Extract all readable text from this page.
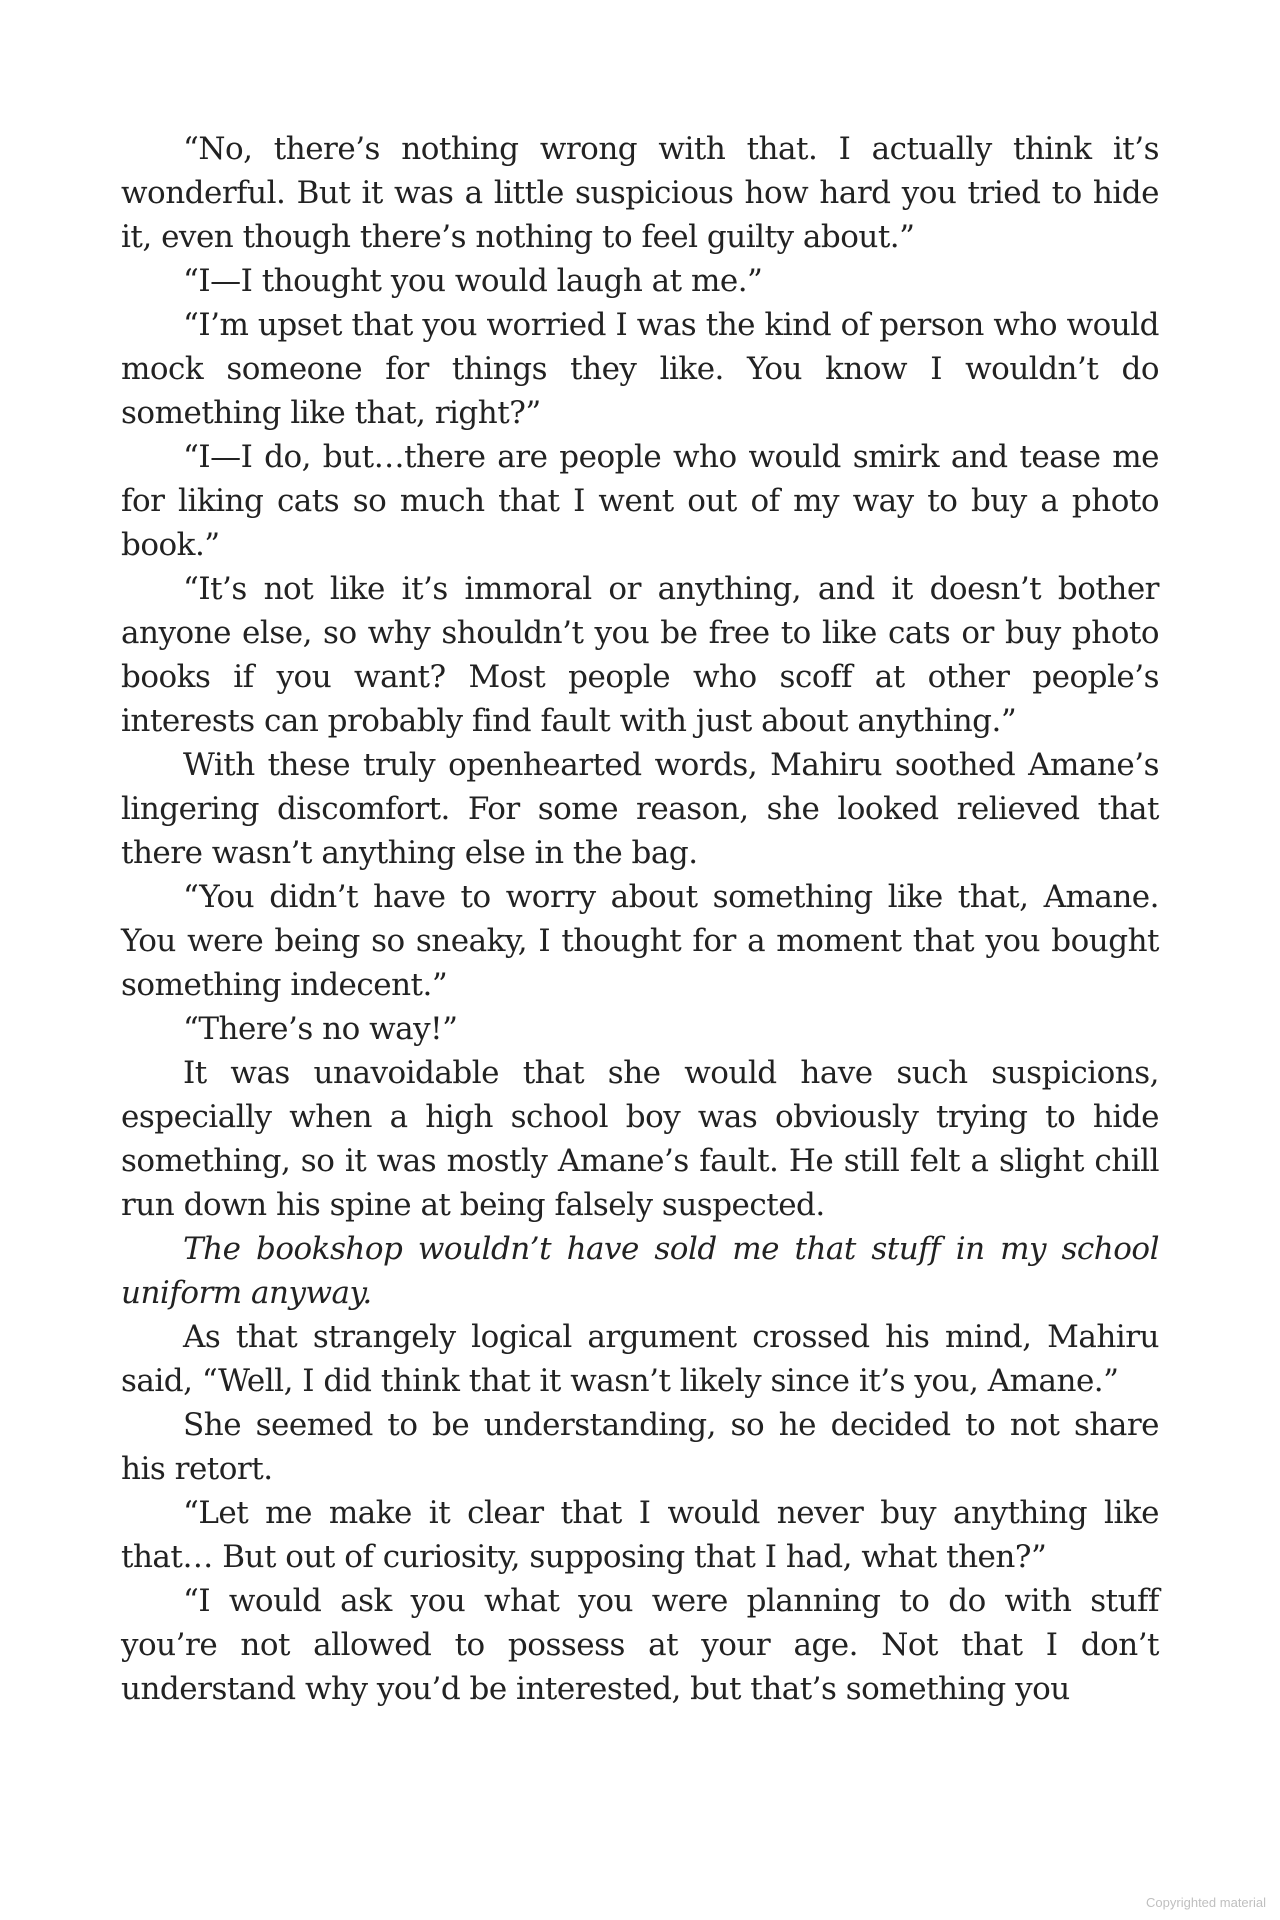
“No, there’s nothing wrong with that. I actually think it’s wonderful. But it was a little suspicious how hard you tried to hide it, even though there’s nothing to feel guilty about.”

“I—I thought you would laugh at me.”

“I’m upset that you worried I was the kind of person who would mock someone for things they like. You know I wouldn’t do something like that, right?”

“I—I do, but…there are people who would smirk and tease me for liking cats so much that I went out of my way to buy a photo book.”

“It’s not like it’s immoral or anything, and it doesn’t bother anyone else, so why shouldn’t you be free to like cats or buy photo books if you want? Most people who scoff at other people’s interests can probably find fault with just about anything.”

With these truly openhearted words, Mahiru soothed Amane’s lingering discomfort. For some reason, she looked relieved that there wasn’t anything else in the bag.

“You didn’t have to worry about something like that, Amane. You were being so sneaky, I thought for a moment that you bought something indecent.”

“There’s no way!”

It was unavoidable that she would have such suspicions, especially when a high school boy was obviously trying to hide something, so it was mostly Amane’s fault. He still felt a slight chill run down his spine at being falsely suspected.

The bookshop wouldn’t have sold me that stuff in my school uniform anyway.

As that strangely logical argument crossed his mind, Mahiru said, “Well, I did think that it wasn’t likely since it’s you, Amane.”

She seemed to be understanding, so he decided to not share his retort.

“Let me make it clear that I would never buy anything like that… But out of curiosity, supposing that I had, what then?”

“I would ask you what you were planning to do with stuff you’re not allowed to possess at your age. Not that I don’t understand why you’d be interested, but that’s something you

Copyrighted material
